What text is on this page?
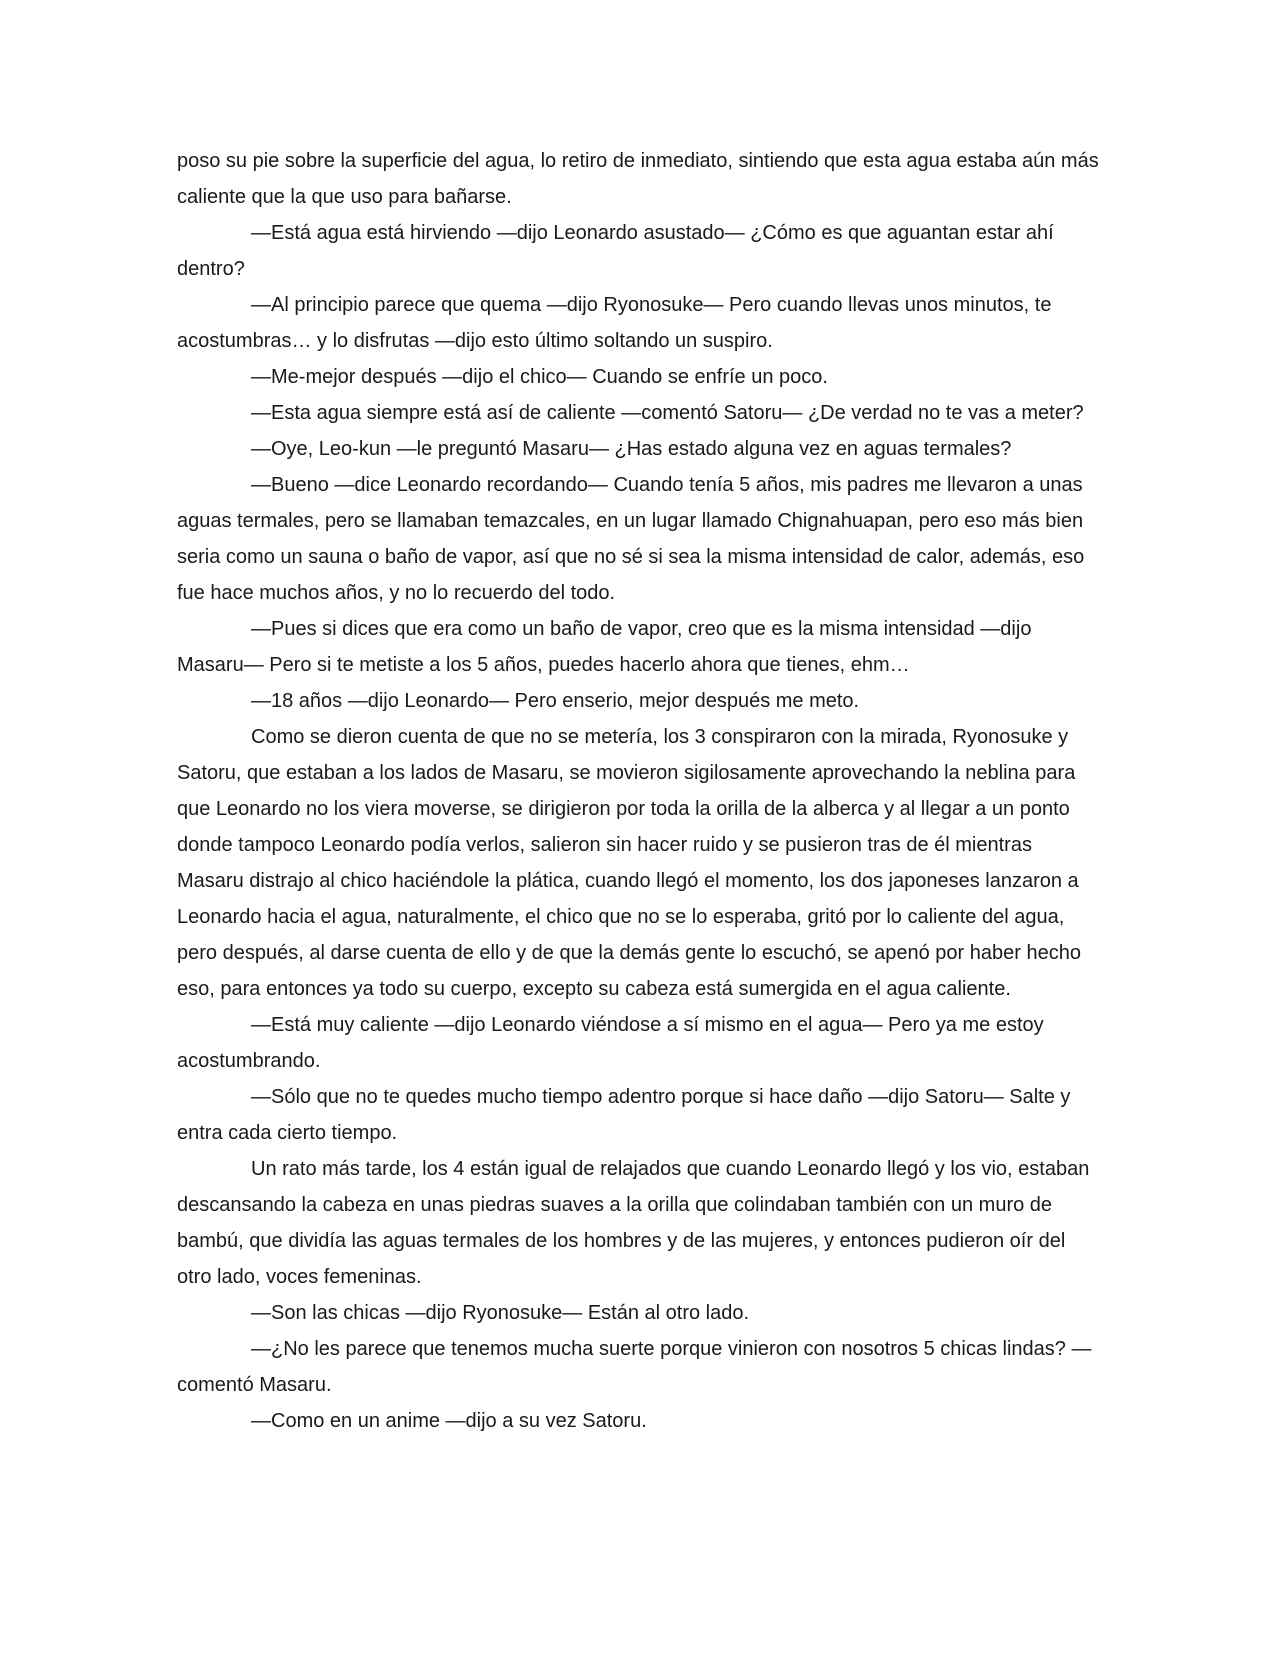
poso su pie sobre la superficie del agua, lo retiro de inmediato, sintiendo que esta agua estaba aún más caliente que la que uso para bañarse.

—Está agua está hirviendo —dijo Leonardo asustado— ¿Cómo es que aguantan estar ahí dentro?

—Al principio parece que quema —dijo Ryonosuke— Pero cuando llevas unos minutos, te acostumbras… y lo disfrutas —dijo esto último soltando un suspiro.

—Me-mejor después —dijo el chico— Cuando se enfríe un poco.

—Esta agua siempre está así de caliente —comentó Satoru— ¿De verdad no te vas a meter?

—Oye, Leo-kun —le preguntó Masaru— ¿Has estado alguna vez en aguas termales?

—Bueno —dice Leonardo recordando— Cuando tenía 5 años, mis padres me llevaron a unas aguas termales, pero se llamaban temazcales, en un lugar llamado Chignahuapan, pero eso más bien seria como un sauna o baño de vapor, así que no sé si sea la misma intensidad de calor, además, eso fue hace muchos años, y no lo recuerdo del todo.

—Pues si dices que era como un baño de vapor, creo que es la misma intensidad —dijo Masaru— Pero si te metiste a los 5 años, puedes hacerlo ahora que tienes, ehm…

—18 años —dijo Leonardo— Pero enserio, mejor después me meto.

Como se dieron cuenta de que no se metería, los 3 conspiraron con la mirada, Ryonosuke y Satoru, que estaban a los lados de Masaru, se movieron sigilosamente aprovechando la neblina para que Leonardo no los viera moverse, se dirigieron por toda la orilla de la alberca y al llegar a un ponto donde tampoco Leonardo podía verlos, salieron sin hacer ruido y se pusieron tras de él mientras Masaru distrajo al chico haciéndole la plática, cuando llegó el momento, los dos japoneses lanzaron a Leonardo hacia el agua, naturalmente, el chico que no se lo esperaba, gritó por lo caliente del agua, pero después, al darse cuenta de ello y de que la demás gente lo escuchó, se apenó por haber hecho eso, para entonces ya todo su cuerpo, excepto su cabeza está sumergida en el agua caliente.

—Está muy caliente —dijo Leonardo viéndose a sí mismo en el agua— Pero ya me estoy acostumbrando.

—Sólo que no te quedes mucho tiempo adentro porque si hace daño —dijo Satoru— Salte y entra cada cierto tiempo.

Un rato más tarde, los 4 están igual de relajados que cuando Leonardo llegó y los vio, estaban descansando la cabeza en unas piedras suaves a la orilla que colindaban también con un muro de bambú, que dividía las aguas termales de los hombres y de las mujeres, y entonces pudieron oír del otro lado, voces femeninas.

—Son las chicas —dijo Ryonosuke— Están al otro lado.

—¿No les parece que tenemos mucha suerte porque vinieron con nosotros 5 chicas lindas? —comentó Masaru.

—Como en un anime —dijo a su vez Satoru.
